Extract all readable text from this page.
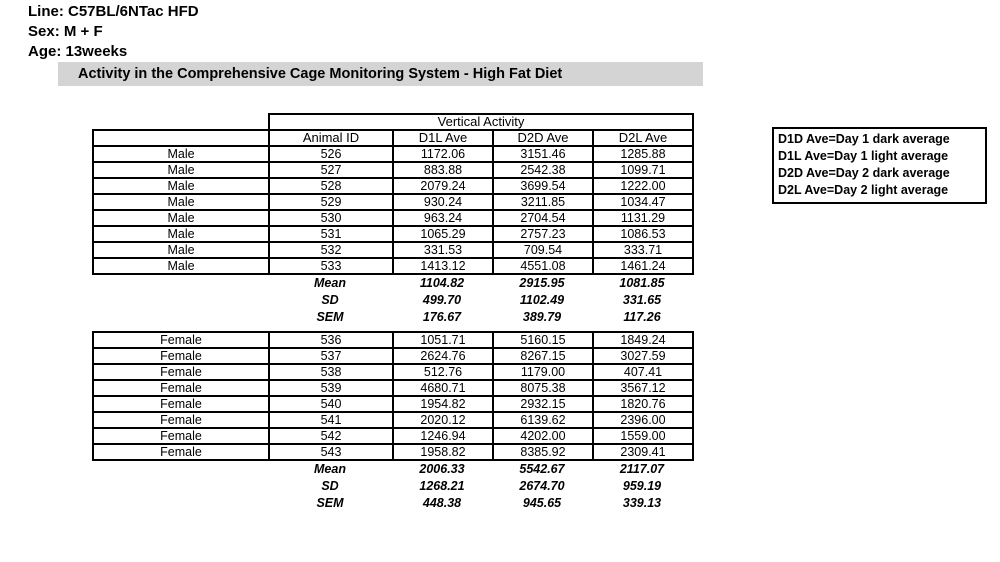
Line: C57BL/6NTac HFD
Sex: M + F
Age: 13weeks
Activity in the Comprehensive Cage Monitoring System - High Fat Diet
	Vertical Activity			
	Animal ID	D1L Ave	D2D Ave	D2L Ave
Male	526	1172.06	3151.46	1285.88
Male	527	883.88	2542.38	1099.71
Male	528	2079.24	3699.54	1222.00
Male	529	930.24	3211.85	1034.47
Male	530	963.24	2704.54	1131.29
Male	531	1065.29	2757.23	1086.53
Male	532	331.53	709.54	333.71
Male	533	1413.12	4551.08	1461.24
	Mean	1104.82	2915.95	1081.85
	SD	499.70	1102.49	331.65
	SEM	176.67	389.79	117.26
Female	536	1051.71	5160.15	1849.24
Female	537	2624.76	8267.15	3027.59
Female	538	512.76	1179.00	407.41
Female	539	4680.71	8075.38	3567.12
Female	540	1954.82	2932.15	1820.76
Female	541	2020.12	6139.62	2396.00
Female	542	1246.94	4202.00	1559.00
Female	543	1958.82	8385.92	2309.41
	Mean	2006.33	5542.67	2117.07
	SD	1268.21	2674.70	959.19
	SEM	448.38	945.65	339.13
D1D Ave=Day 1 dark average
D1L Ave=Day 1 light average
D2D Ave=Day 2 dark average
D2L Ave=Day 2 light average
